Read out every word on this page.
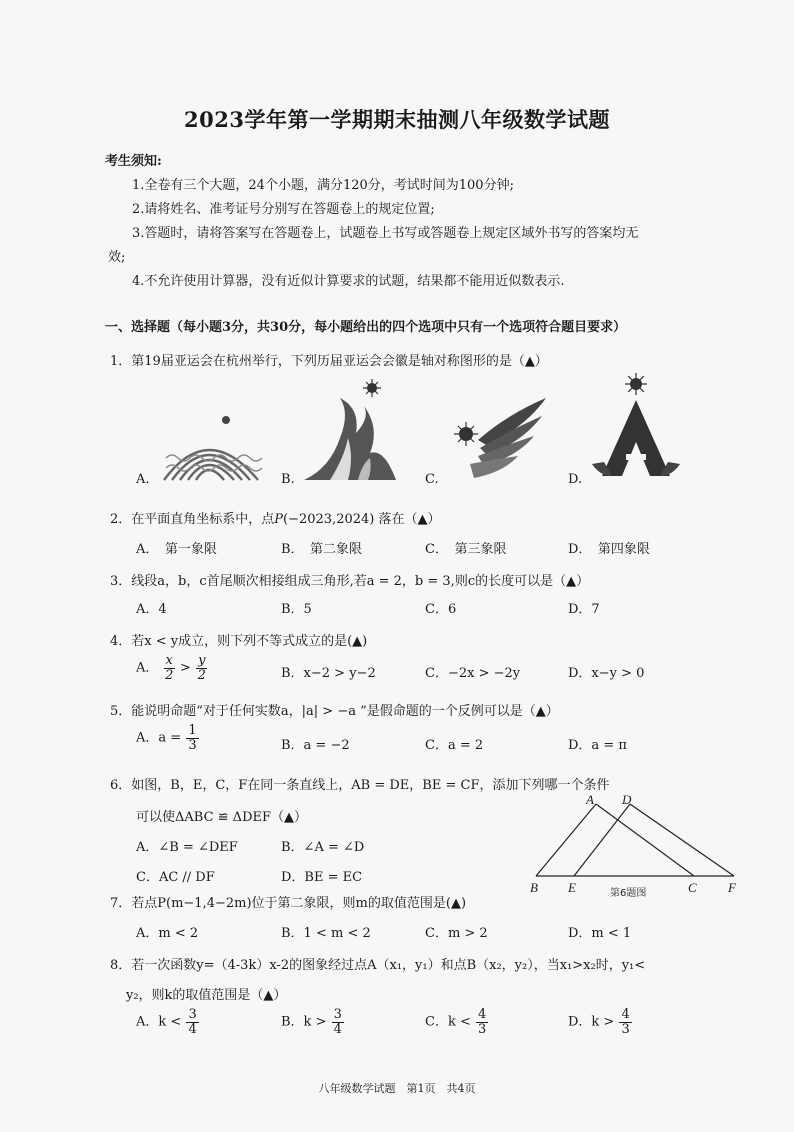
2023学年第一学期期末抽测八年级数学试题
考生须知:
1.全卷有三个大题，24个小题，满分120分，考试时间为100分钟;
2.请将姓名、准考证号分别写在答题卷上的规定位置;
3.答题时，请将答案写在答题卷上，试题卷上书写或答题卷上规定区域外书写的答案均无
效;
4.不允许使用计算器，没有近似计算要求的试题，结果都不能用近似数表示.
一、选择题（每小题3分，共30分，每小题给出的四个选项中只有一个选项符合题目要求）
1．第19届亚运会在杭州举行，下列历届亚运会会徽是轴对称图形的是（▲）
A.	B.	C.	D.
2．在平面直角坐标系中，点P(−2023,2024) 落在（▲）
A．　第一象限	B．　第二象限	C．　第三象限	D．　第四象限
3．线段a，b，c首尾顺次相接组成三角形,若a = 2，b = 3,则c的长度可以是（▲）
A．4	B．5	C．6	D．7
4．若x < y成立，则下列不等式成立的是(▲)
A． $\frac{x}{2} > \frac{y}{2}$	B．x−2 > y−2	C．−2x > −2y	D．x−y > 0
5．能说明命题“对于任何实数a，|a| > −a ”是假命题的一个反例可以是（▲）
A．$a = \frac{1}{3}$	B．a = −2	C．a = 2	D．a = π
6．如图，B，E，C，F在同一条直线上，AB = DE，BE = CF，添加下列哪一个条件
可以使ΔABC ≌ ΔDEF（▲）
A．∠B = ∠DEF	B．∠A = ∠D
C．AC // DF	D．BE = EC
A D
B E	C F
第6题图
7．若点P(m−1,4−2m)位于第二象限，则m的取值范围是(▲)
A．m < 2	B．1 < m < 2	C．m > 2	D．m < 1
8．若一次函数y=（4-3k）x-2的图象经过点A（x₁，y₁）和点B（x₂，y₂），当x₁>x₂时，y₁<
y₂，则k的取值范围是（▲）
A．$k < \frac{3}{4}$	B．$k > \frac{3}{4}$	C．$k < \frac{4}{3}$	D．$k > \frac{4}{3}$
八年级数学试题　第1页　共4页
